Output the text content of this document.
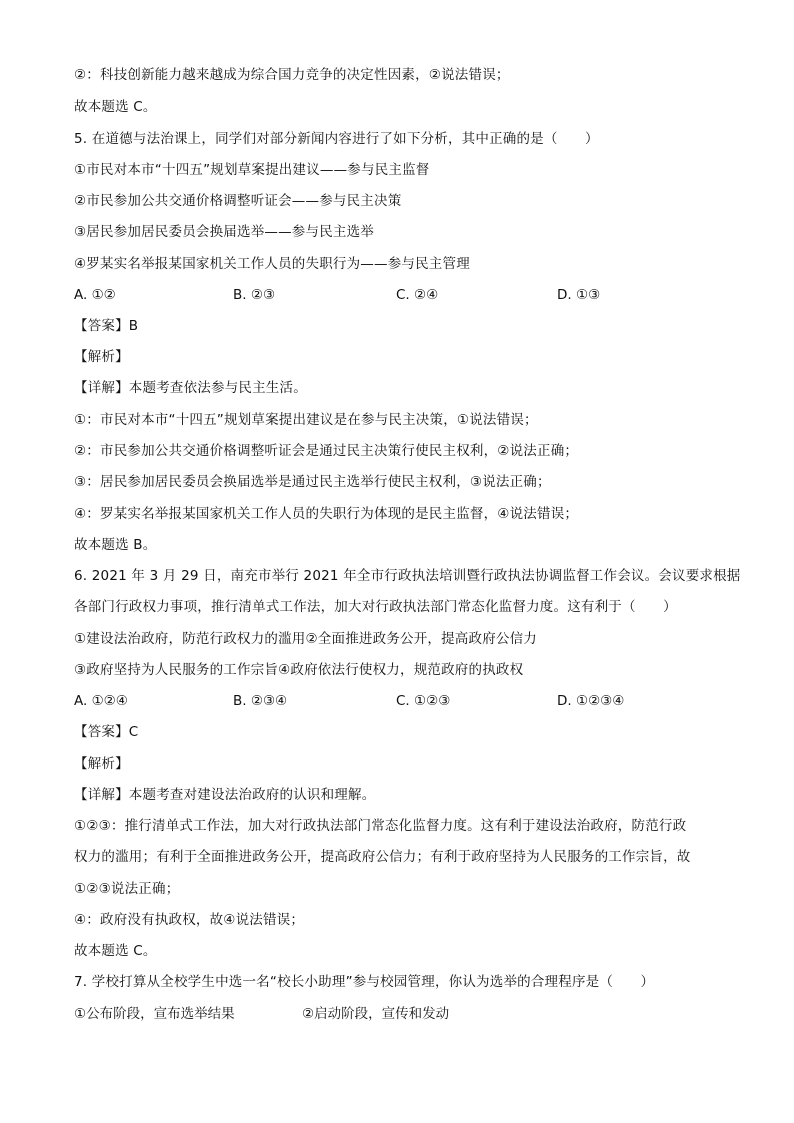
②：科技创新能力越来越成为综合国力竞争的决定性因素，②说法错误；
故本题选 C。
5. 在道德与法治课上，同学们对部分新闻内容进行了如下分析，其中正确的是（　　）
①市民对本市“十四五”规划草案提出建议——参与民主监督
②市民参加公共交通价格调整听证会——参与民主决策
③居民参加居民委员会换届选举——参与民主选举
④罗某实名举报某国家机关工作人员的失职行为——参与民主管理
A. ①②	B. ②③	C. ②④	D. ①③
【答案】B
【解析】
【详解】本题考查依法参与民主生活。
①：市民对本市“十四五”规划草案提出建议是在参与民主决策，①说法错误；
②：市民参加公共交通价格调整听证会是通过民主决策行使民主权利，②说法正确；
③：居民参加居民委员会换届选举是通过民主选举行使民主权利，③说法正确；
④：罗某实名举报某国家机关工作人员的失职行为体现的是民主监督，④说法错误；
故本题选 B。
6. 2021 年 3 月 29 日，南充市举行 2021 年全市行政执法培训暨行政执法协调监督工作会议。会议要求根据
各部门行政权力事项，推行清单式工作法，加大对行政执法部门常态化监督力度。这有利于（　　）
①建设法治政府，防范行政权力的滥用②全面推进政务公开，提高政府公信力
③政府坚持为人民服务的工作宗旨④政府依法行使权力，规范政府的执政权
A. ①②④	B. ②③④	C. ①②③	D. ①②③④
【答案】C
【解析】
【详解】本题考查对建设法治政府的认识和理解。
①②③：推行清单式工作法，加大对行政执法部门常态化监督力度。这有利于建设法治政府，防范行政
权力的滥用；有利于全面推进政务公开，提高政府公信力；有利于政府坚持为人民服务的工作宗旨，故
①②③说法正确；
④：政府没有执政权，故④说法错误；
故本题选 C。
7. 学校打算从全校学生中选一名“校长小助理”参与校园管理，你认为选举的合理程序是（　　）
①公布阶段，宣布选举结果	②启动阶段，宣传和发动
